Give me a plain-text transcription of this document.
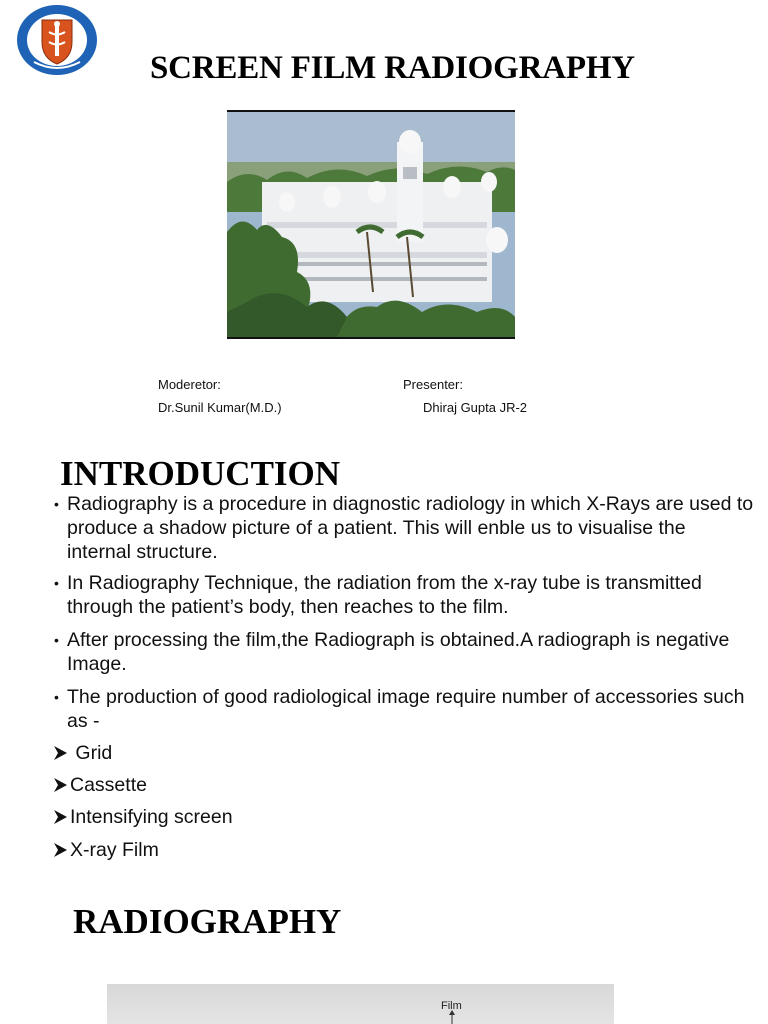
SCREEN FILM RADIOGRAPHY
Moderetor:
Dr.Sunil Kumar(M.D.)
Presenter:
Dhiraj Gupta JR-2
INTRODUCTION
• Radiography is a procedure in diagnostic radiology in which X-Rays are used to produce a shadow picture of a patient. This will enble us to visualise the internal structure.
• In Radiography Technique, the radiation from the x-ray tube is transmitted through the patient’s body, then reaches to the film.
• After processing the film,the Radiograph is obtained.A radiograph is negative Image.
• The production of good radiological image require number of accessories such as -
Grid
Cassette
Intensifying screen
X-ray Film
RADIOGRAPHY
Film
